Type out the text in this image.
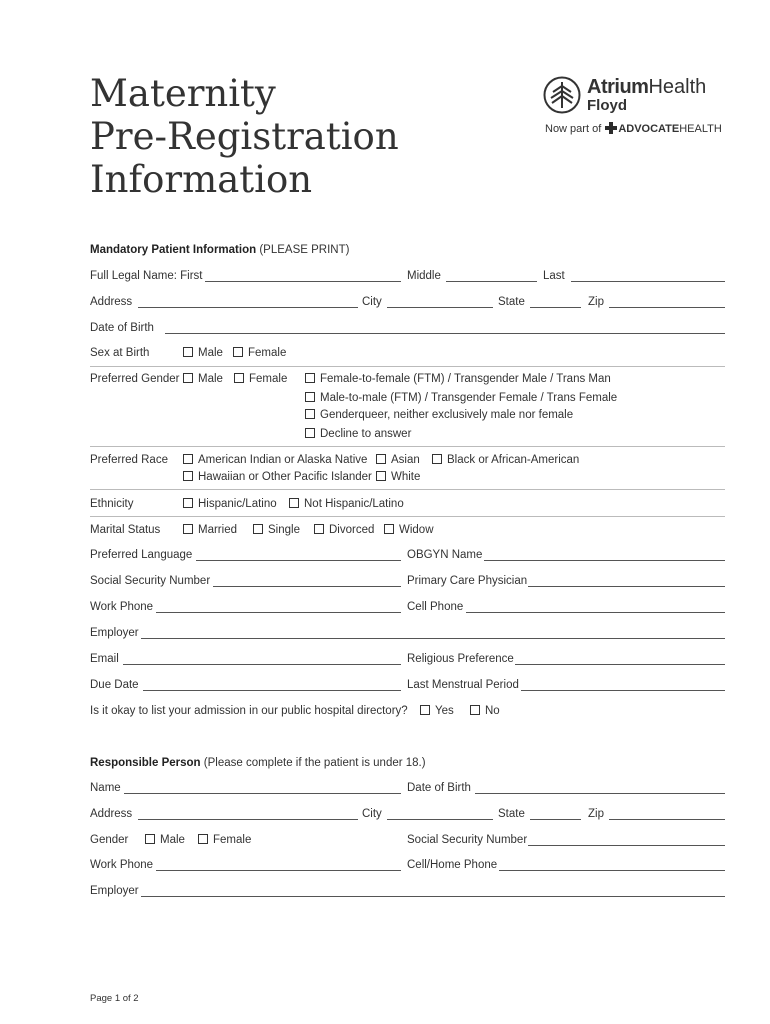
Maternity
Pre-Registration
Information
AtriumHealth
Floyd
Now part of ADVOCATEHEALTH
Mandatory Patient Information (PLEASE PRINT)
Full Legal Name: First	Middle	Last
Address	City	State	Zip
Date of Birth
Sex at Birth	Male	Female
Preferred Gender	Male	Female	Female-to-female (FTM) / Transgender Male / Trans Man
Male-to-male (FTM) / Transgender Female / Trans Female
Genderqueer, neither exclusively male nor female
Decline to answer
Preferred Race	American Indian or Alaska Native	Asian	Black or African-American
Hawaiian or Other Pacific Islander	White
Ethnicity	Hispanic/Latino	Not Hispanic/Latino
Marital Status	Married	Single	Divorced	Widow
Preferred Language	OBGYN Name
Social Security Number	Primary Care Physician
Work Phone	Cell Phone
Employer
Email	Religious Preference
Due Date	Last Menstrual Period
Is it okay to list your admission in our public hospital directory?	Yes	No
Responsible Person (Please complete if the patient is under 18.)
Name	Date of Birth
Address	City	State	Zip
Gender	Male	Female	Social Security Number
Work Phone	Cell/Home Phone
Employer
Page 1 of 2
